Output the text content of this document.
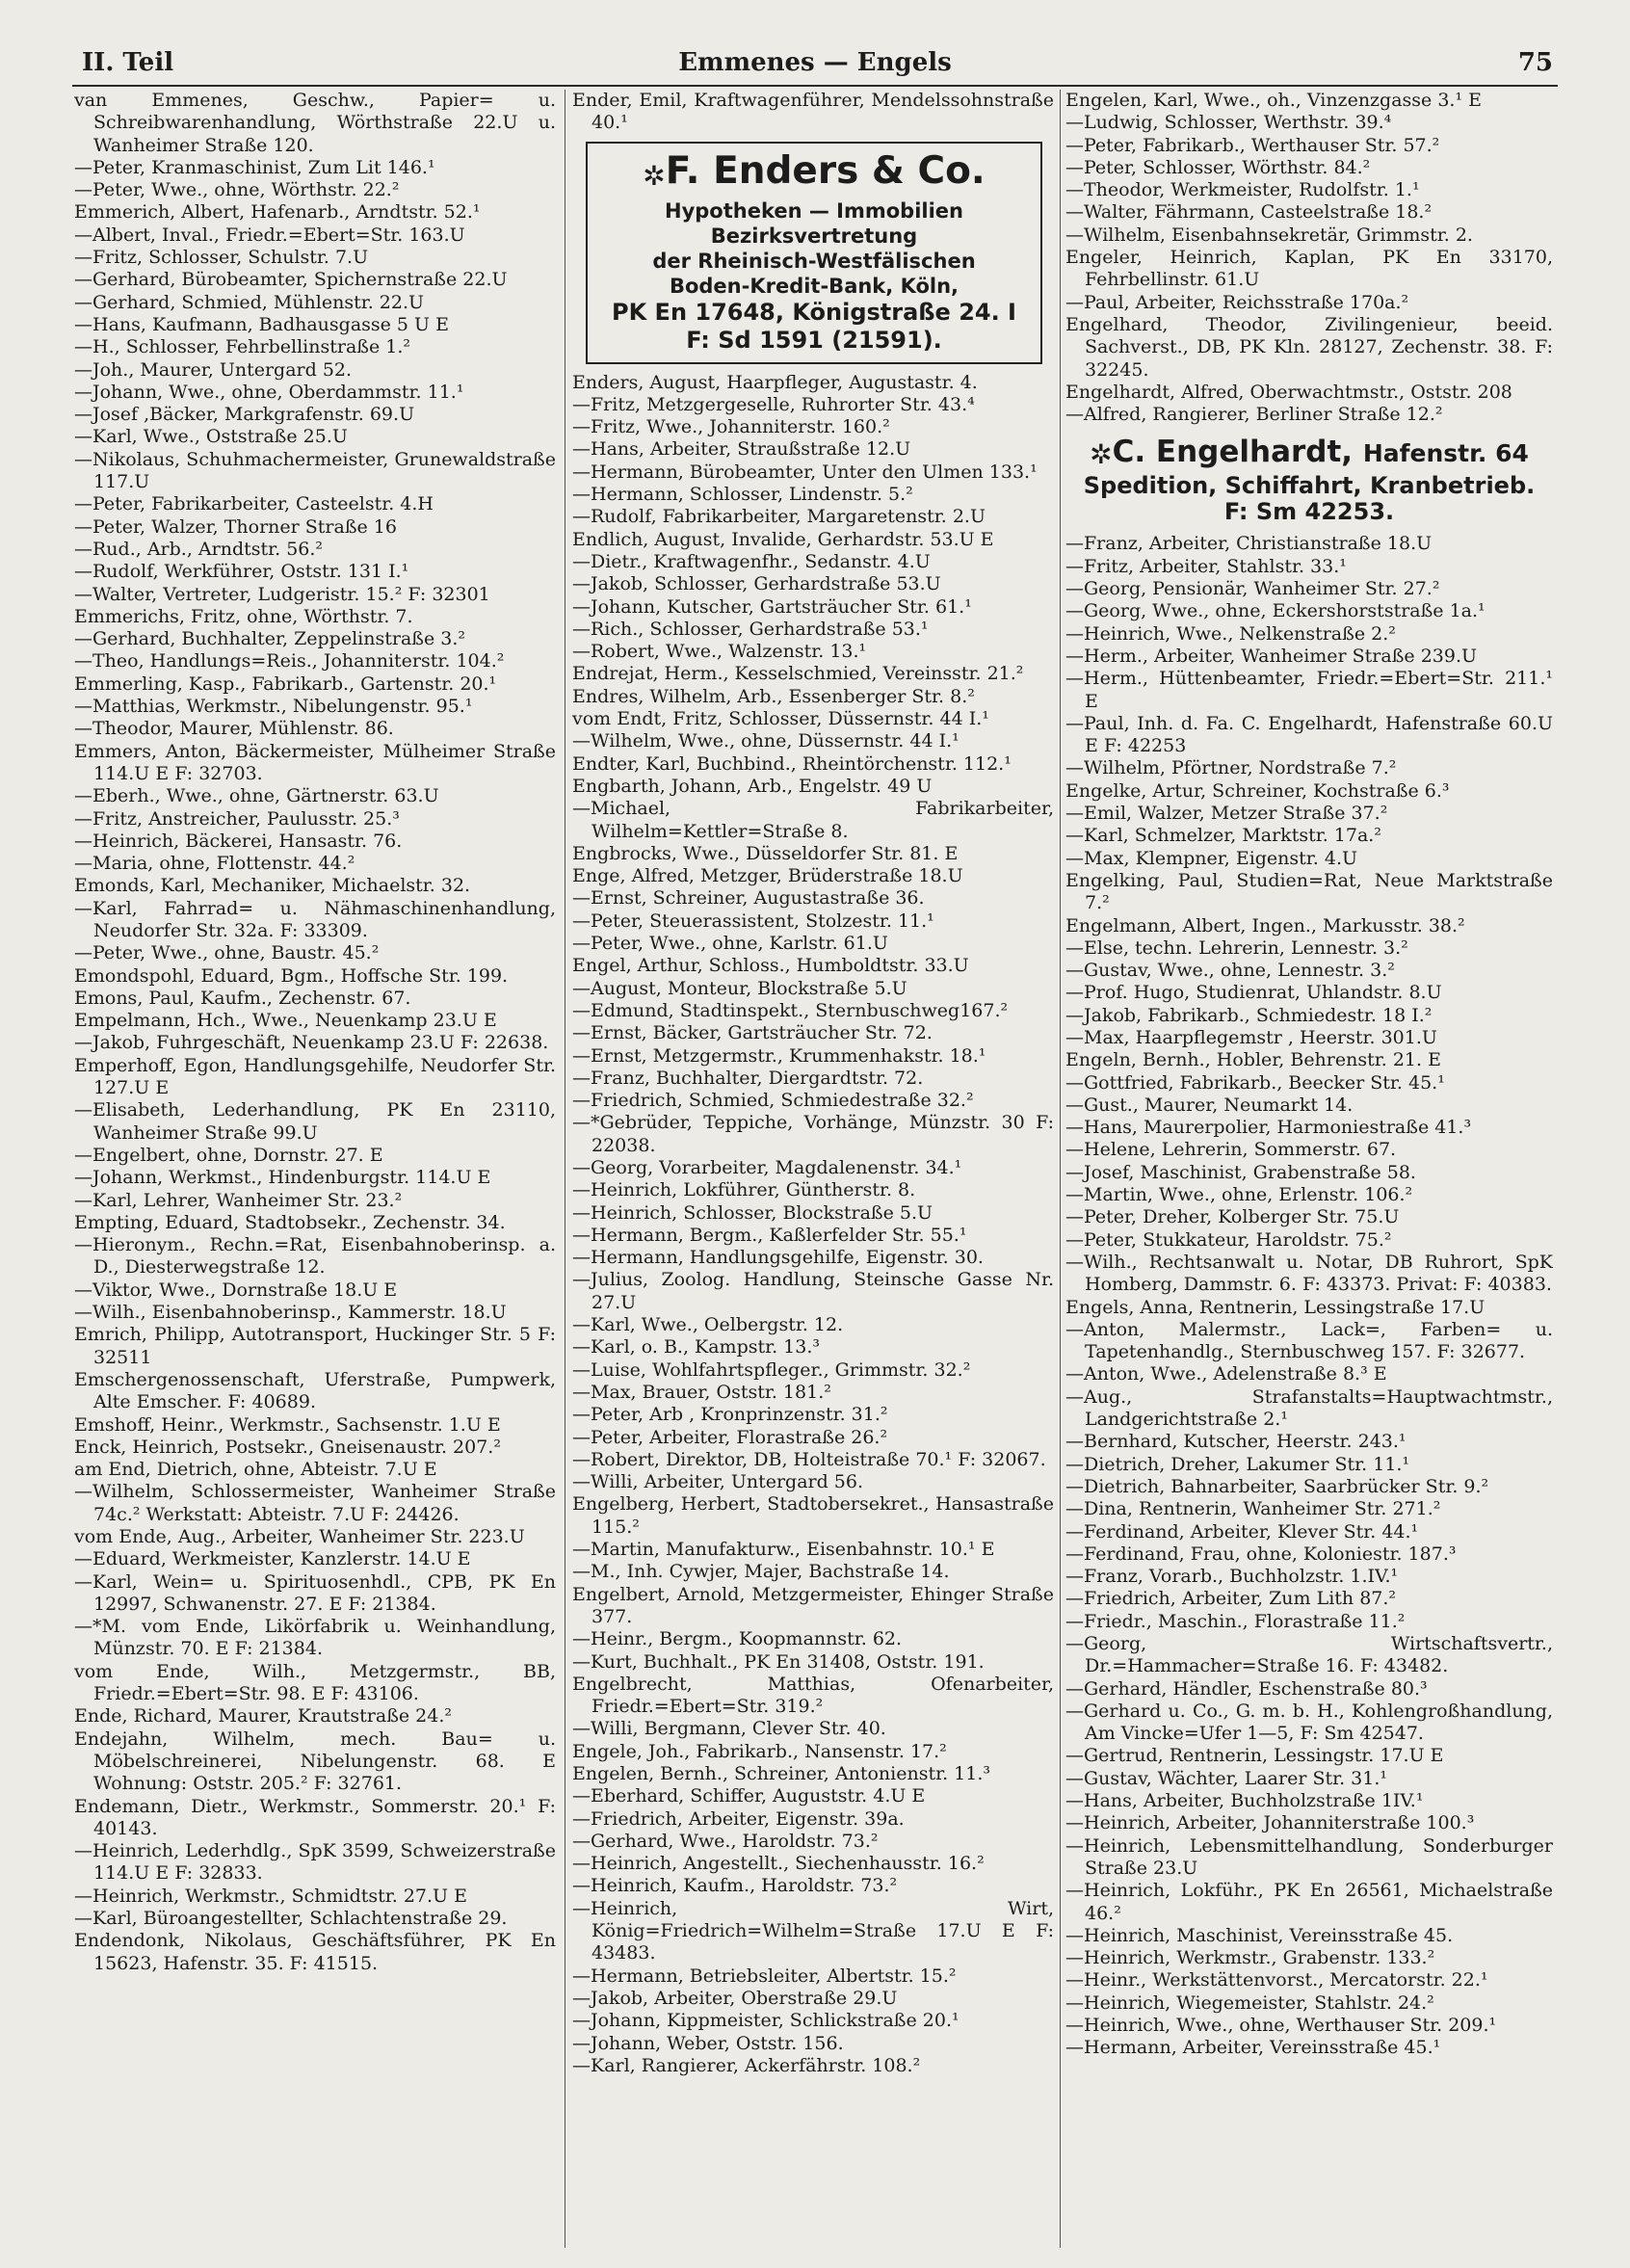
II. Teil	Emmenes — Engels	75
van Emmenes, Geschw., Papier= u. Schreibwarenhandlung, Wörthstraße 22.U u. Wanheimer Straße 120.
—Peter, Kranmaschinist, Zum Lit 146.¹
—Peter, Wwe., ohne, Wörthstr. 22.²
Emmerich, Albert, Hafenarb., Arndtstr. 52.¹
—Albert, Inval., Friedr.=Ebert=Str. 163.U
—Fritz, Schlosser, Schulstr. 7.U
—Gerhard, Bürobeamter, Spichernstraße 22.U
—Gerhard, Schmied, Mühlenstr. 22.U
—Hans, Kaufmann, Badhausgasse 5 U E
—H., Schlosser, Fehrbellinstraße 1.²
—Joh., Maurer, Untergard 52.
—Johann, Wwe., ohne, Oberdammstr. 11.¹
—Josef ,Bäcker, Markgrafenstr. 69.U
—Karl, Wwe., Oststraße 25.U
—Nikolaus, Schuhmachermeister, Grunewaldstraße 117.U
—Peter, Fabrikarbeiter, Casteelstr. 4.H
—Peter, Walzer, Thorner Straße 16
—Rud., Arb., Arndtstr. 56.²
—Rudolf, Werkführer, Oststr. 131 I.¹
—Walter, Vertreter, Ludgeristr. 15.² F: 32301
Emmerichs, Fritz, ohne, Wörthstr. 7.
—Gerhard, Buchhalter, Zeppelinstraße 3.²
—Theo, Handlungs=Reis., Johanniterstr. 104.²
Emmerling, Kasp., Fabrikarb., Gartenstr. 20.¹
—Matthias, Werkmstr., Nibelungenstr. 95.¹
—Theodor, Maurer, Mühlenstr. 86.
Emmers, Anton, Bäckermeister, Mülheimer Straße 114.U E F: 32703.
—Eberh., Wwe., ohne, Gärtnerstr. 63.U
—Fritz, Anstreicher, Paulusstr. 25.³
—Heinrich, Bäckerei, Hansastr. 76.
—Maria, ohne, Flottenstr. 44.²
Emonds, Karl, Mechaniker, Michaelstr. 32.
—Karl, Fahrrad= u. Nähmaschinenhandlung, Neudorfer Str. 32a. F: 33309.
—Peter, Wwe., ohne, Baustr. 45.²
Emondspohl, Eduard, Bgm., Hoffsche Str. 199.
Emons, Paul, Kaufm., Zechenstr. 67.
Empelmann, Hch., Wwe., Neuenkamp 23.U E
—Jakob, Fuhrgeschäft, Neuenkamp 23.U F: 22638.
Emperhoff, Egon, Handlungsgehilfe, Neudorfer Str. 127.U E
—Elisabeth, Lederhandlung, PK En 23110, Wanheimer Straße 99.U
—Engelbert, ohne, Dornstr. 27. E
—Johann, Werkmst., Hindenburgstr. 114.U E
—Karl, Lehrer, Wanheimer Str. 23.²
Empting, Eduard, Stadtobsekr., Zechenstr. 34.
—Hieronym., Rechn.=Rat, Eisenbahnoberinsp. a. D., Diesterwegstraße 12.
—Viktor, Wwe., Dornstraße 18.U E
—Wilh., Eisenbahnoberinsp., Kammerstr. 18.U
Emrich, Philipp, Autotransport, Huckinger Str. 5 F: 32511
Emschergenossenschaft, Uferstraße, Pumpwerk, Alte Emscher. F: 40689.
Emshoff, Heinr., Werkmstr., Sachsenstr. 1.U E
Enck, Heinrich, Postsekr., Gneisenaustr. 207.²
am End, Dietrich, ohne, Abteistr. 7.U E
—Wilhelm, Schlossermeister, Wanheimer Straße 74c.² Werkstatt: Abteistr. 7.U F: 24426.
vom Ende, Aug., Arbeiter, Wanheimer Str. 223.U
—Eduard, Werkmeister, Kanzlerstr. 14.U E
—Karl, Wein= u. Spirituosenhdl., CPB, PK En 12997, Schwanenstr. 27. E F: 21384.
—*M. vom Ende, Likörfabrik u. Weinhandlung, Münzstr. 70. E F: 21384.
vom Ende, Wilh., Metzgermstr., BB, Friedr.=Ebert=Str. 98. E F: 43106.
Ende, Richard, Maurer, Krautstraße 24.²
Endejahn, Wilhelm, mech. Bau= u. Möbelschreinerei, Nibelungenstr. 68. E Wohnung: Oststr. 205.² F: 32761.
Endemann, Dietr., Werkmstr., Sommerstr. 20.¹ F: 40143.
—Heinrich, Lederhdlg., SpK 3599, Schweizerstraße 114.U E F: 32833.
—Heinrich, Werkmstr., Schmidtstr. 27.U E
—Karl, Büroangestellter, Schlachtenstraße 29.
Endendonk, Nikolaus, Geschäftsführer, PK En 15623, Hafenstr. 35. F: 41515.
Ender, Emil, Kraftwagenführer, Mendelssohnstraße 40.¹
✲F. Enders & Co.
Hypotheken — Immobilien
Bezirksvertretung
der Rheinisch-Westfälischen
Boden-Kredit-Bank, Köln,
PK En 17648, Königstraße 24. I
F: Sd 1591 (21591).
Enders, August, Haarpfleger, Augustastr. 4.
—Fritz, Metzgergeselle, Ruhrorter Str. 43.⁴
—Fritz, Wwe., Johanniterstr. 160.²
—Hans, Arbeiter, Straußstraße 12.U
—Hermann, Bürobeamter, Unter den Ulmen 133.¹
—Hermann, Schlosser, Lindenstr. 5.²
—Rudolf, Fabrikarbeiter, Margaretenstr. 2.U
Endlich, August, Invalide, Gerhardstr. 53.U E
—Dietr., Kraftwagenfhr., Sedanstr. 4.U
—Jakob, Schlosser, Gerhardstraße 53.U
—Johann, Kutscher, Gartsträucher Str. 61.¹
—Rich., Schlosser, Gerhardstraße 53.¹
—Robert, Wwe., Walzenstr. 13.¹
Endrejat, Herm., Kesselschmied, Vereinsstr. 21.²
Endres, Wilhelm, Arb., Essenberger Str. 8.²
vom Endt, Fritz, Schlosser, Düssernstr. 44 I.¹
—Wilhelm, Wwe., ohne, Düssernstr. 44 I.¹
Endter, Karl, Buchbind., Rheintörchenstr. 112.¹
Engbarth, Johann, Arb., Engelstr. 49 U
—Michael, Fabrikarbeiter, Wilhelm=Kettler=Straße 8.
Engbrocks, Wwe., Düsseldorfer Str. 81. E
Enge, Alfred, Metzger, Brüderstraße 18.U
—Ernst, Schreiner, Augustastraße 36.
—Peter, Steuerassistent, Stolzestr. 11.¹
—Peter, Wwe., ohne, Karlstr. 61.U
Engel, Arthur, Schloss., Humboldtstr. 33.U
—August, Monteur, Blockstraße 5.U
—Edmund, Stadtinspekt., Sternbuschweg167.²
—Ernst, Bäcker, Gartsträucher Str. 72.
—Ernst, Metzgermstr., Krummenhakstr. 18.¹
—Franz, Buchhalter, Diergardtstr. 72.
—Friedrich, Schmied, Schmiedestraße 32.²
—*Gebrüder, Teppiche, Vorhänge, Münzstr. 30 F: 22038.
—Georg, Vorarbeiter, Magdalenenstr. 34.¹
—Heinrich, Lokführer, Güntherstr. 8.
—Heinrich, Schlosser, Blockstraße 5.U
—Hermann, Bergm., Kaßlerfelder Str. 55.¹
—Hermann, Handlungsgehilfe, Eigenstr. 30.
—Julius, Zoolog. Handlung, Steinsche Gasse Nr. 27.U
—Karl, Wwe., Oelbergstr. 12.
—Karl, o. B., Kampstr. 13.³
—Luise, Wohlfahrtspfleger., Grimmstr. 32.²
—Max, Brauer, Oststr. 181.²
—Peter, Arb , Kronprinzenstr. 31.²
—Peter, Arbeiter, Florastraße 26.²
—Robert, Direktor, DB, Holteistraße 70.¹ F: 32067.
—Willi, Arbeiter, Untergard 56.
Engelberg, Herbert, Stadtobersekret., Hansastraße 115.²
—Martin, Manufakturw., Eisenbahnstr. 10.¹ E
—M., Inh. Cywjer, Majer, Bachstraße 14.
Engelbert, Arnold, Metzgermeister, Ehinger Straße 377.
—Heinr., Bergm., Koopmannstr. 62.
—Kurt, Buchhalt., PK En 31408, Oststr. 191.
Engelbrecht, Matthias, Ofenarbeiter, Friedr.=Ebert=Str. 319.²
—Willi, Bergmann, Clever Str. 40.
Engele, Joh., Fabrikarb., Nansenstr. 17.²
Engelen, Bernh., Schreiner, Antonienstr. 11.³
—Eberhard, Schiffer, Auguststr. 4.U E
—Friedrich, Arbeiter, Eigenstr. 39a.
—Gerhard, Wwe., Haroldstr. 73.²
—Heinrich, Angestellt., Siechenhausstr. 16.²
—Heinrich, Kaufm., Haroldstr. 73.²
—Heinrich, Wirt, König=Friedrich=Wilhelm=Straße 17.U E F: 43483.
—Hermann, Betriebsleiter, Albertstr. 15.²
—Jakob, Arbeiter, Oberstraße 29.U
—Johann, Kippmeister, Schlickstraße 20.¹
—Johann, Weber, Oststr. 156.
—Karl, Rangierer, Ackerfährstr. 108.²
Engelen, Karl, Wwe., oh., Vinzenzgasse 3.¹ E
—Ludwig, Schlosser, Werthstr. 39.⁴
—Peter, Fabrikarb., Werthauser Str. 57.²
—Peter, Schlosser, Wörthstr. 84.²
—Theodor, Werkmeister, Rudolfstr. 1.¹
—Walter, Fährmann, Casteelstraße 18.²
—Wilhelm, Eisenbahnsekretär, Grimmstr. 2.
Engeler, Heinrich, Kaplan, PK En 33170, Fehrbellinstr. 61.U
—Paul, Arbeiter, Reichsstraße 170a.²
Engelhard, Theodor, Zivilingenieur, beeid. Sachverst., DB, PK Kln. 28127, Zechenstr. 38. F: 32245.
Engelhardt, Alfred, Oberwachtmstr., Oststr. 208
—Alfred, Rangierer, Berliner Straße 12.²
✲C. Engelhardt, Hafenstr. 64
Spedition, Schiffahrt, Kranbetrieb.
F: Sm 42253.
—Franz, Arbeiter, Christianstraße 18.U
—Fritz, Arbeiter, Stahlstr. 33.¹
—Georg, Pensionär, Wanheimer Str. 27.²
—Georg, Wwe., ohne, Eckershorststraße 1a.¹
—Heinrich, Wwe., Nelkenstraße 2.²
—Herm., Arbeiter, Wanheimer Straße 239.U
—Herm., Hüttenbeamter, Friedr.=Ebert=Str. 211.¹ E
—Paul, Inh. d. Fa. C. Engelhardt, Hafenstraße 60.U E F: 42253
—Wilhelm, Pförtner, Nordstraße 7.²
Engelke, Artur, Schreiner, Kochstraße 6.³
—Emil, Walzer, Metzer Straße 37.²
—Karl, Schmelzer, Marktstr. 17a.²
—Max, Klempner, Eigenstr. 4.U
Engelking, Paul, Studien=Rat, Neue Marktstraße 7.²
Engelmann, Albert, Ingen., Markusstr. 38.²
—Else, techn. Lehrerin, Lennestr. 3.²
—Gustav, Wwe., ohne, Lennestr. 3.²
—Prof. Hugo, Studienrat, Uhlandstr. 8.U
—Jakob, Fabrikarb., Schmiedestr. 18 I.²
—Max, Haarpflegemstr , Heerstr. 301.U
Engeln, Bernh., Hobler, Behrenstr. 21. E
—Gottfried, Fabrikarb., Beecker Str. 45.¹
—Gust., Maurer, Neumarkt 14.
—Hans, Maurerpolier, Harmoniestraße 41.³
—Helene, Lehrerin, Sommerstr. 67.
—Josef, Maschinist, Grabenstraße 58.
—Martin, Wwe., ohne, Erlenstr. 106.²
—Peter, Dreher, Kolberger Str. 75.U
—Peter, Stukkateur, Haroldstr. 75.²
—Wilh., Rechtsanwalt u. Notar, DB Ruhrort, SpK Homberg, Dammstr. 6. F: 43373. Privat: F: 40383.
Engels, Anna, Rentnerin, Lessingstraße 17.U
—Anton, Malermstr., Lack=, Farben= u. Tapetenhandlg., Sternbuschweg 157. F: 32677.
—Anton, Wwe., Adelenstraße 8.³ E
—Aug., Strafanstalts=Hauptwachtmstr., Landgerichtstraße 2.¹
—Bernhard, Kutscher, Heerstr. 243.¹
—Dietrich, Dreher, Lakumer Str. 11.¹
—Dietrich, Bahnarbeiter, Saarbrücker Str. 9.²
—Dina, Rentnerin, Wanheimer Str. 271.²
—Ferdinand, Arbeiter, Klever Str. 44.¹
—Ferdinand, Frau, ohne, Koloniestr. 187.³
—Franz, Vorarb., Buchholzstr. 1.IV.¹
—Friedrich, Arbeiter, Zum Lith 87.²
—Friedr., Maschin., Florastraße 11.²
—Georg, Wirtschaftsvertr., Dr.=Hammacher=Straße 16. F: 43482.
—Gerhard, Händler, Eschenstraße 80.³
—Gerhard u. Co., G. m. b. H., Kohlengroßhandlung, Am Vincke=Ufer 1—5, F: Sm 42547.
—Gertrud, Rentnerin, Lessingstr. 17.U E
—Gustav, Wächter, Laarer Str. 31.¹
—Hans, Arbeiter, Buchholzstraße 1IV.¹
—Heinrich, Arbeiter, Johanniterstraße 100.³
—Heinrich, Lebensmittelhandlung, Sonderburger Straße 23.U
—Heinrich, Lokführ., PK En 26561, Michaelstraße 46.²
—Heinrich, Maschinist, Vereinsstraße 45.
—Heinrich, Werkmstr., Grabenstr. 133.²
—Heinr., Werkstättenvorst., Mercatorstr. 22.¹
—Heinrich, Wiegemeister, Stahlstr. 24.²
—Heinrich, Wwe., ohne, Werthauser Str. 209.¹
—Hermann, Arbeiter, Vereinsstraße 45.¹
